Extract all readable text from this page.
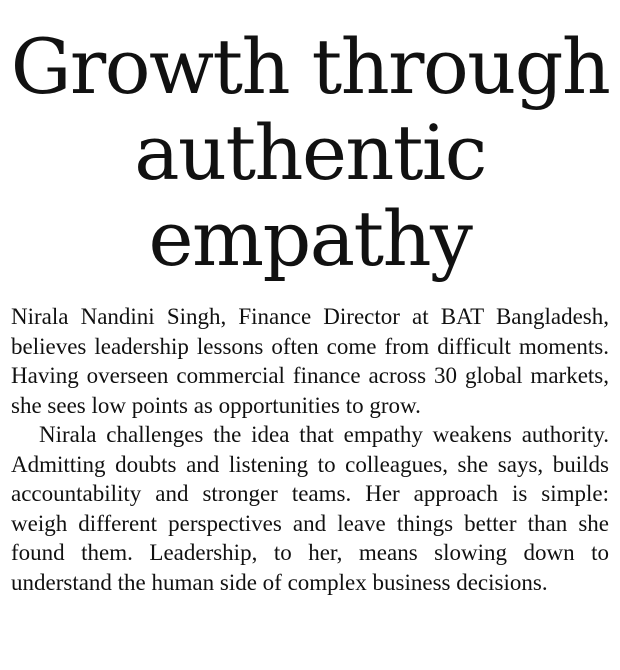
Growth through
authentic
empathy

Nirala Nandini Singh, Finance Director at BAT Bangladesh, believes leadership lessons often come from difficult moments. Having overseen commercial finance across 30 global markets, she sees low points as opportunities to grow.

Nirala challenges the idea that empathy weakens authority. Admitting doubts and listening to colleagues, she says, builds accountability and stronger teams. Her approach is simple: weigh different perspectives and leave things better than she found them. Leadership, to her, means slowing down to understand the human side of complex business decisions.
